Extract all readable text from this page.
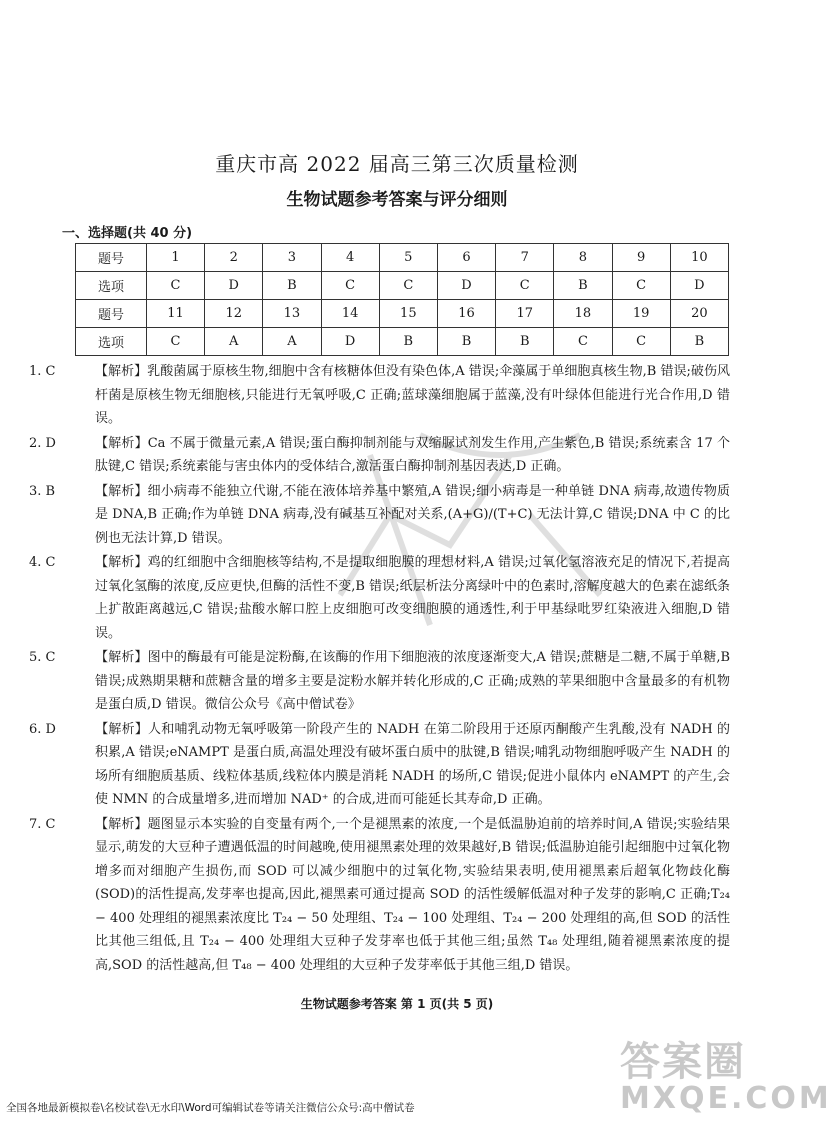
重庆市高 2022 届高三第三次质量检测
生物试题参考答案与评分细则
一、选择题(共 40 分)
题号	1	2	3	4	5	6	7	8	9	10
选项	C	D	B	C	C	D	C	B	C	D
题号	11	12	13	14	15	16	17	18	19	20
选项	C	A	A	D	B	B	B	C	C	B
1. C	【解析】乳酸菌属于原核生物,细胞中含有核糖体但没有染色体,A 错误;伞藻属于单细胞真核生物,B 错误;破伤风杆菌是原核生物无细胞核,只能进行无氧呼吸,C 正确;蓝球藻细胞属于蓝藻,没有叶绿体但能进行光合作用,D 错误。
2. D	【解析】Ca 不属于微量元素,A 错误;蛋白酶抑制剂能与双缩脲试剂发生作用,产生紫色,B 错误;系统素含 17 个肽键,C 错误;系统素能与害虫体内的受体结合,激活蛋白酶抑制剂基因表达,D 正确。
3. B	【解析】细小病毒不能独立代谢,不能在液体培养基中繁殖,A 错误;细小病毒是一种单链 DNA 病毒,故遗传物质是 DNA,B 正确;作为单链 DNA 病毒,没有碱基互补配对关系,(A+G)/(T+C) 无法计算,C 错误;DNA 中 C 的比例也无法计算,D 错误。
4. C	【解析】鸡的红细胞中含细胞核等结构,不是提取细胞膜的理想材料,A 错误;过氧化氢溶液充足的情况下,若提高过氧化氢酶的浓度,反应更快,但酶的活性不变,B 错误;纸层析法分离绿叶中的色素时,溶解度越大的色素在滤纸条上扩散距离越远,C 错误;盐酸水解口腔上皮细胞可改变细胞膜的通透性,利于甲基绿吡罗红染液进入细胞,D 错误。
5. C	【解析】图中的酶最有可能是淀粉酶,在该酶的作用下细胞液的浓度逐渐变大,A 错误;蔗糖是二糖,不属于单糖,B 错误;成熟期果糖和蔗糖含量的增多主要是淀粉水解并转化形成的,C 正确;成熟的苹果细胞中含量最多的有机物是蛋白质,D 错误。微信公众号《高中僧试卷》
6. D	【解析】人和哺乳动物无氧呼吸第一阶段产生的 NADH 在第二阶段用于还原丙酮酸产生乳酸,没有 NADH 的积累,A 错误;eNAMPT 是蛋白质,高温处理没有破坏蛋白质中的肽键,B 错误;哺乳动物细胞呼吸产生 NADH 的场所有细胞质基质、线粒体基质,线粒体内膜是消耗 NADH 的场所,C 错误;促进小鼠体内 eNAMPT 的产生,会使 NMN 的合成量增多,进而增加 NAD⁺ 的合成,进而可能延长其寿命,D 正确。
7. C	【解析】题图显示本实验的自变量有两个,一个是褪黑素的浓度,一个是低温胁迫前的培养时间,A 错误;实验结果显示,萌发的大豆种子遭遇低温的时间越晚,使用褪黑素处理的效果越好,B 错误;低温胁迫能引起细胞中过氧化物增多而对细胞产生损伤,而 SOD 可以减少细胞中的过氧化物,实验结果表明,使用褪黑素后超氧化物歧化酶(SOD)的活性提高,发芽率也提高,因此,褪黑素可通过提高 SOD 的活性缓解低温对种子发芽的影响,C 正确;T₂₄ − 400 处理组的褪黑素浓度比 T₂₄ − 50 处理组、T₂₄ − 100 处理组、T₂₄ − 200 处理组的高,但 SOD 的活性比其他三组低,且 T₂₄ − 400 处理组大豆种子发芽率也低于其他三组;虽然 T₄₈ 处理组,随着褪黑素浓度的提高,SOD 的活性越高,但 T₄₈ − 400 处理组的大豆种子发芽率低于其他三组,D 错误。
生物试题参考答案 第 1 页(共 5 页)
全国各地最新模拟卷\名校试卷\无水印\Word可编辑试卷等请关注微信公众号:高中僧试卷
答案圈
MXQE.COM
